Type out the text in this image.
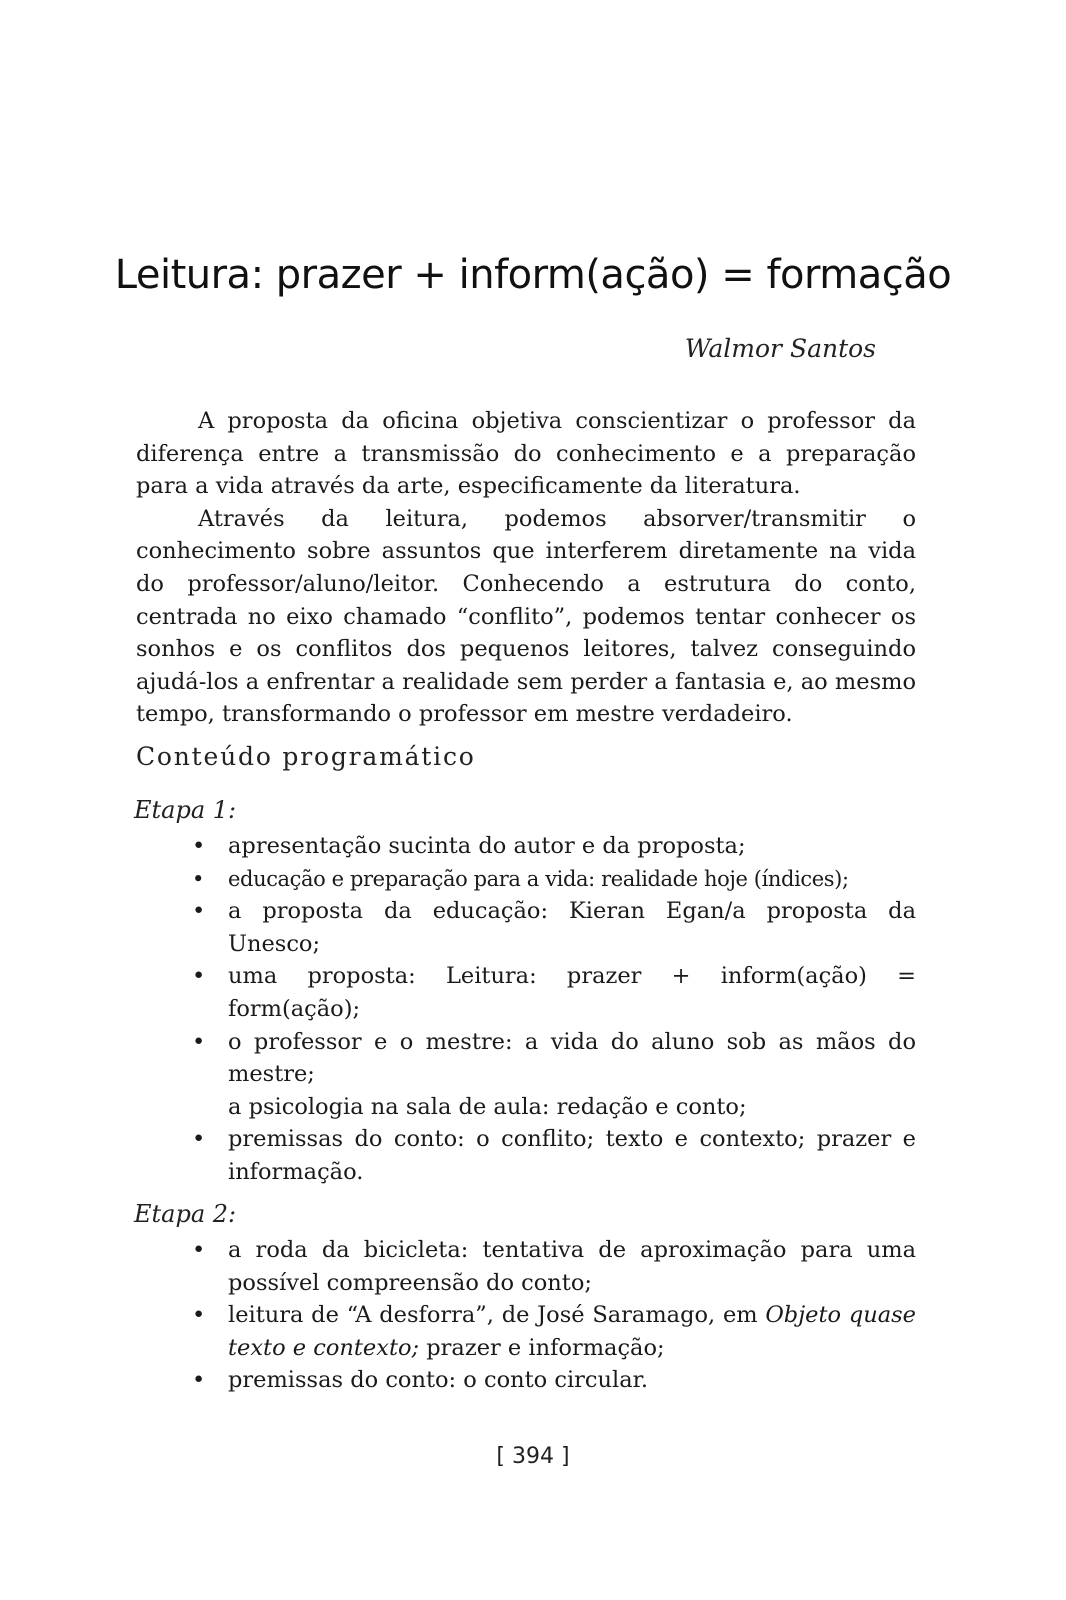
Leitura: prazer + inform(ação) = formação
Walmor Santos

A proposta da oficina objetiva conscientizar o professor da diferença entre a transmissão do conhecimento e a preparação para a vida através da arte, especificamente da literatura.

Através da leitura, podemos absorver/transmitir o conhecimento sobre assuntos que interferem diretamente na vida do professor/aluno/leitor. Conhecendo a estrutura do conto, centrada no eixo chamado “conflito”, podemos tentar conhecer os sonhos e os conflitos dos pequenos leitores, talvez conseguindo ajudá-los a enfrentar a realidade sem perder a fantasia e, ao mesmo tempo, transformando o professor em mestre verdadeiro.

Conteúdo programático
Etapa 1:
• apresentação sucinta do autor e da proposta;
• educação e preparação para a vida: realidade hoje (índices);
• a proposta da educação: Kieran Egan/a proposta da Unesco;
• uma proposta: Leitura: prazer + inform(ação) = form(ação);
• o professor e o mestre: a vida do aluno sob as mãos do mestre;
a psicologia na sala de aula: redação e conto;
• premissas do conto: o conflito; texto e contexto; prazer e informação.
Etapa 2:
• a roda da bicicleta: tentativa de aproximação para uma possível compreensão do conto;
• leitura de “A desforra”, de José Saramago, em Objeto quase texto e contexto; prazer e informação;
• premissas do conto: o conto circular.
[ 394 ]
